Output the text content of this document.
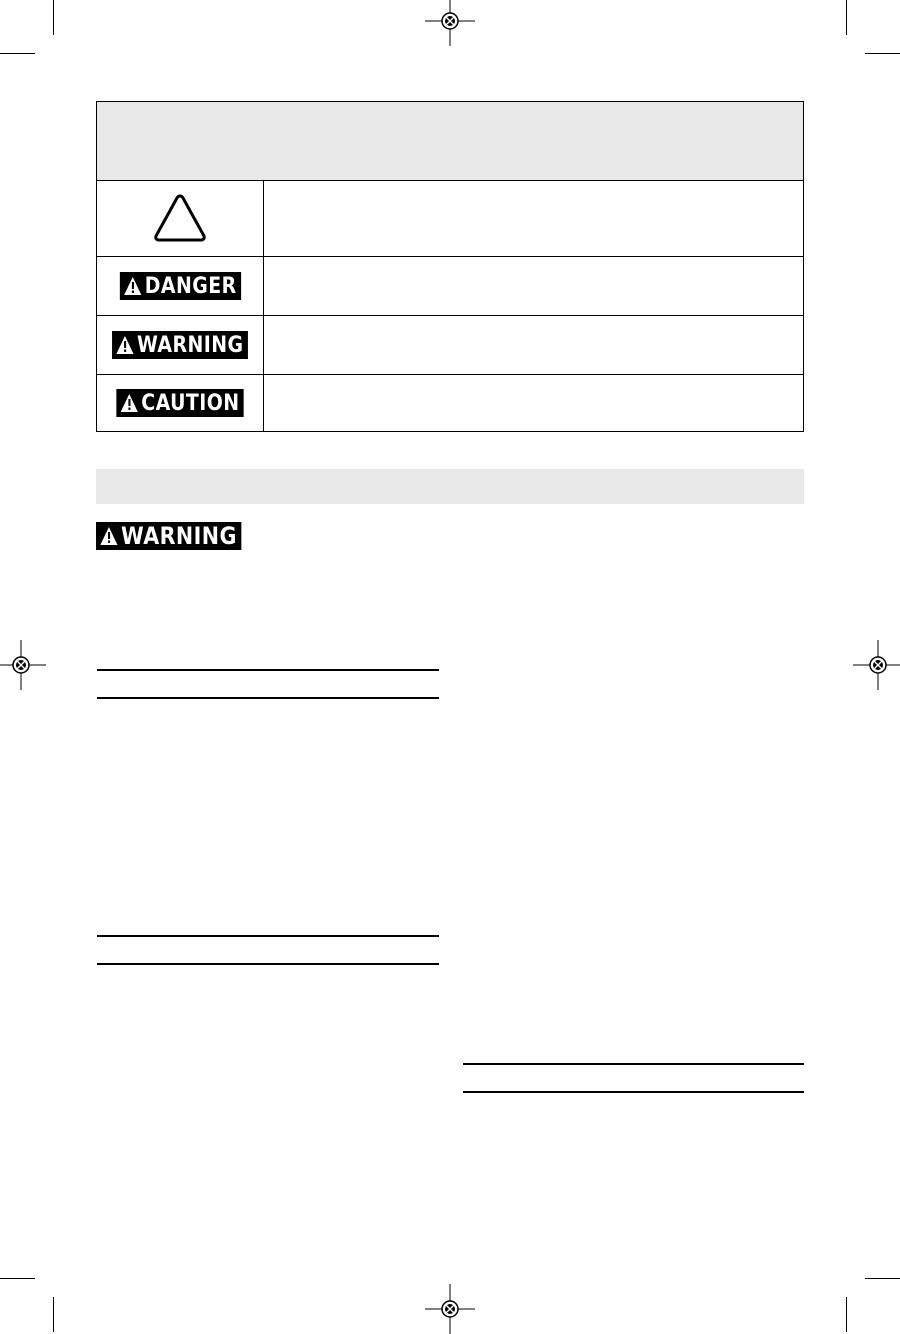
DANGER
WARNING
CAUTION
WARNING
